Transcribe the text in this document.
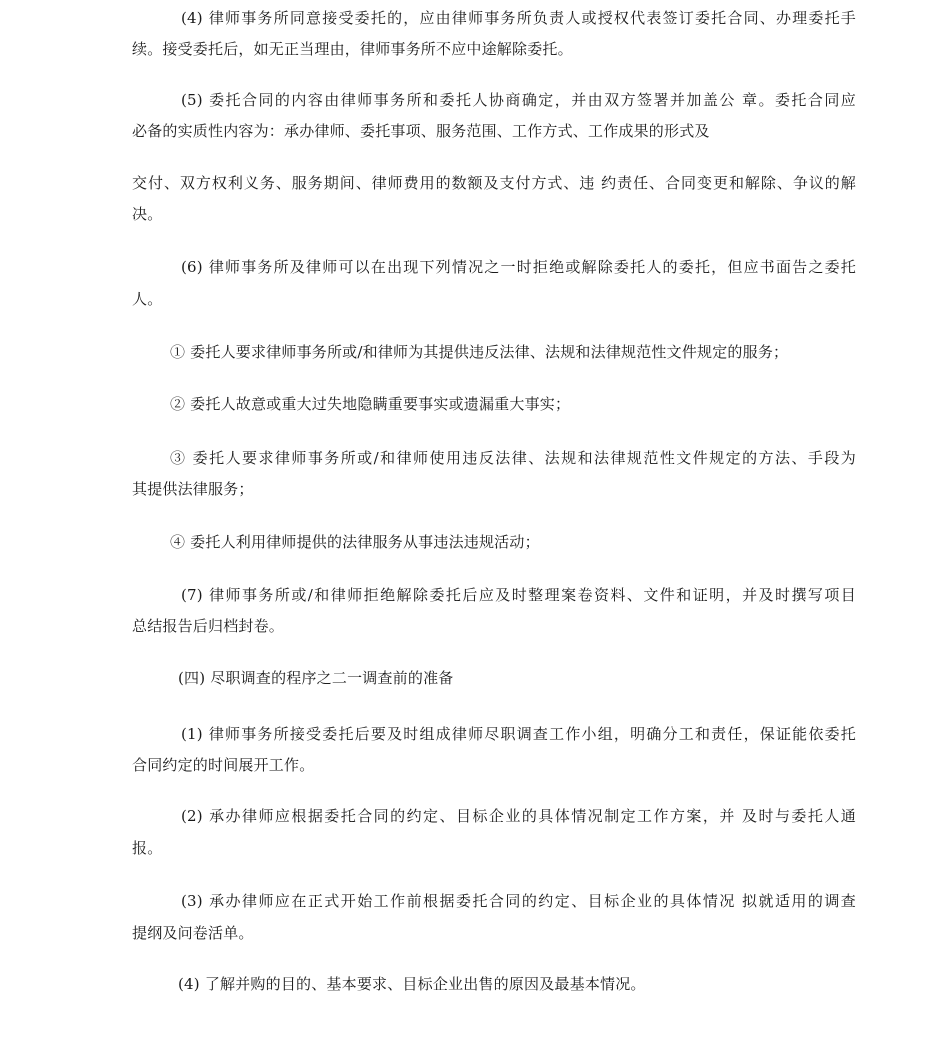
(4) 律师事务所同意接受委托的，应由律师事务所负责人或授权代表签订委托合同、办理委托手
续。接受委托后，如无正当理由，律师事务所不应中途解除委托。
(5) 委托合同的内容由律师事务所和委托人协商确定，并由双方签署并加盖公 章。委托合同应
必备的实质性内容为：承办律师、委托事项、服务范围、工作方式、工作成果的形式及
交付、双方权利义务、服务期间、律师费用的数额及支付方式、违 约责任、合同变更和解除、争议的解
决。
(6) 律师事务所及律师可以在出现下列情况之一时拒绝或解除委托人的委托，但应书面告之委托
人。
① 委托人要求律师事务所或/和律师为其提供违反法律、法规和法律规范性文件规定的服务；
② 委托人故意或重大过失地隐瞒重要事实或遗漏重大事实；
③ 委托人要求律师事务所或/和律师使用违反法律、法规和法律规范性文件规定的方法、手段为
其提供法律服务；
④ 委托人利用律师提供的法律服务从事违法违规活动；
(7) 律师事务所或/和律师拒绝解除委托后应及时整理案卷资料、文件和证明，并及时撰写项目
总结报告后归档封卷。
(四) 尽职调查的程序之二一调查前的准备
(1) 律师事务所接受委托后要及时组成律师尽职调查工作小组，明确分工和责任，保证能依委托
合同约定的时间展开工作。
(2) 承办律师应根据委托合同的约定、目标企业的具体情况制定工作方案，并 及时与委托人通
报。
(3) 承办律师应在正式开始工作前根据委托合同的约定、目标企业的具体情况 拟就适用的调查
提纲及问卷活单。
(4) 了解并购的目的、基本要求、目标企业出售的原因及最基本情况。
